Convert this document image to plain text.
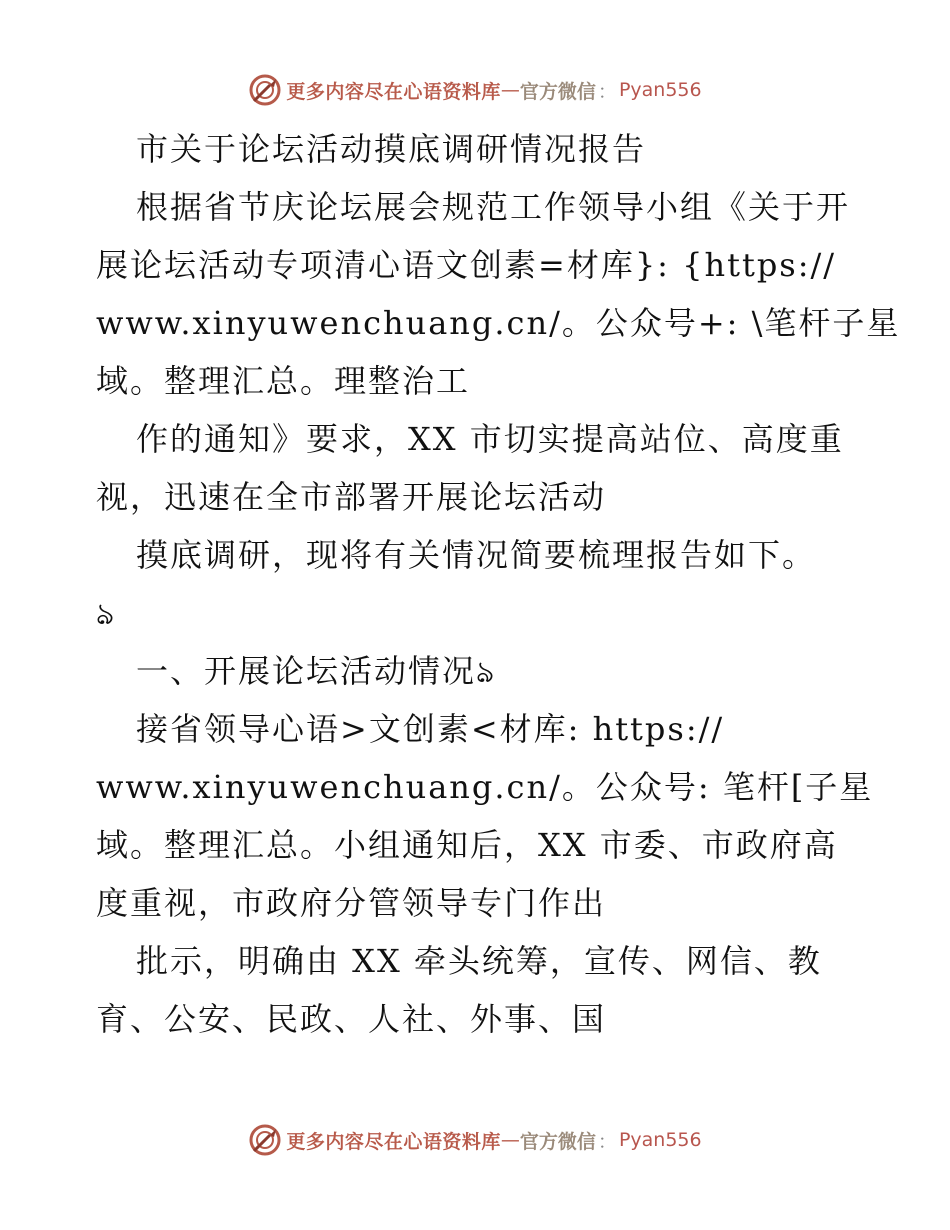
更多内容尽在心语资料库 — 官方微信 ： Pyan556
市关于论坛活动摸底调研情况报告
根据省节庆论坛展会规范工作领导小组《关于开
展论坛活动专项清心语文创素=材库}: {https://
www.xinyuwenchuang.cn/。公众号+: \笔杆子星
域。整理汇总。理整治工
作的通知》要求，XX 市切实提高站位、高度重
视，迅速在全市部署开展论坛活动
摸底调研，现将有关情况简要梳理报告如下。
ঌ
一、开展论坛活动情况ঌ
接省领导心语>文创素<材库: https://
www.xinyuwenchuang.cn/。公众号: 笔杆[子星
域。整理汇总。小组通知后，XX 市委、市政府高
度重视，市政府分管领导专门作出
批示，明确由 XX 牵头统筹，宣传、网信、教
育、公安、民政、人社、外事、国
更多内容尽在心语资料库 — 官方微信 ： Pyan556
